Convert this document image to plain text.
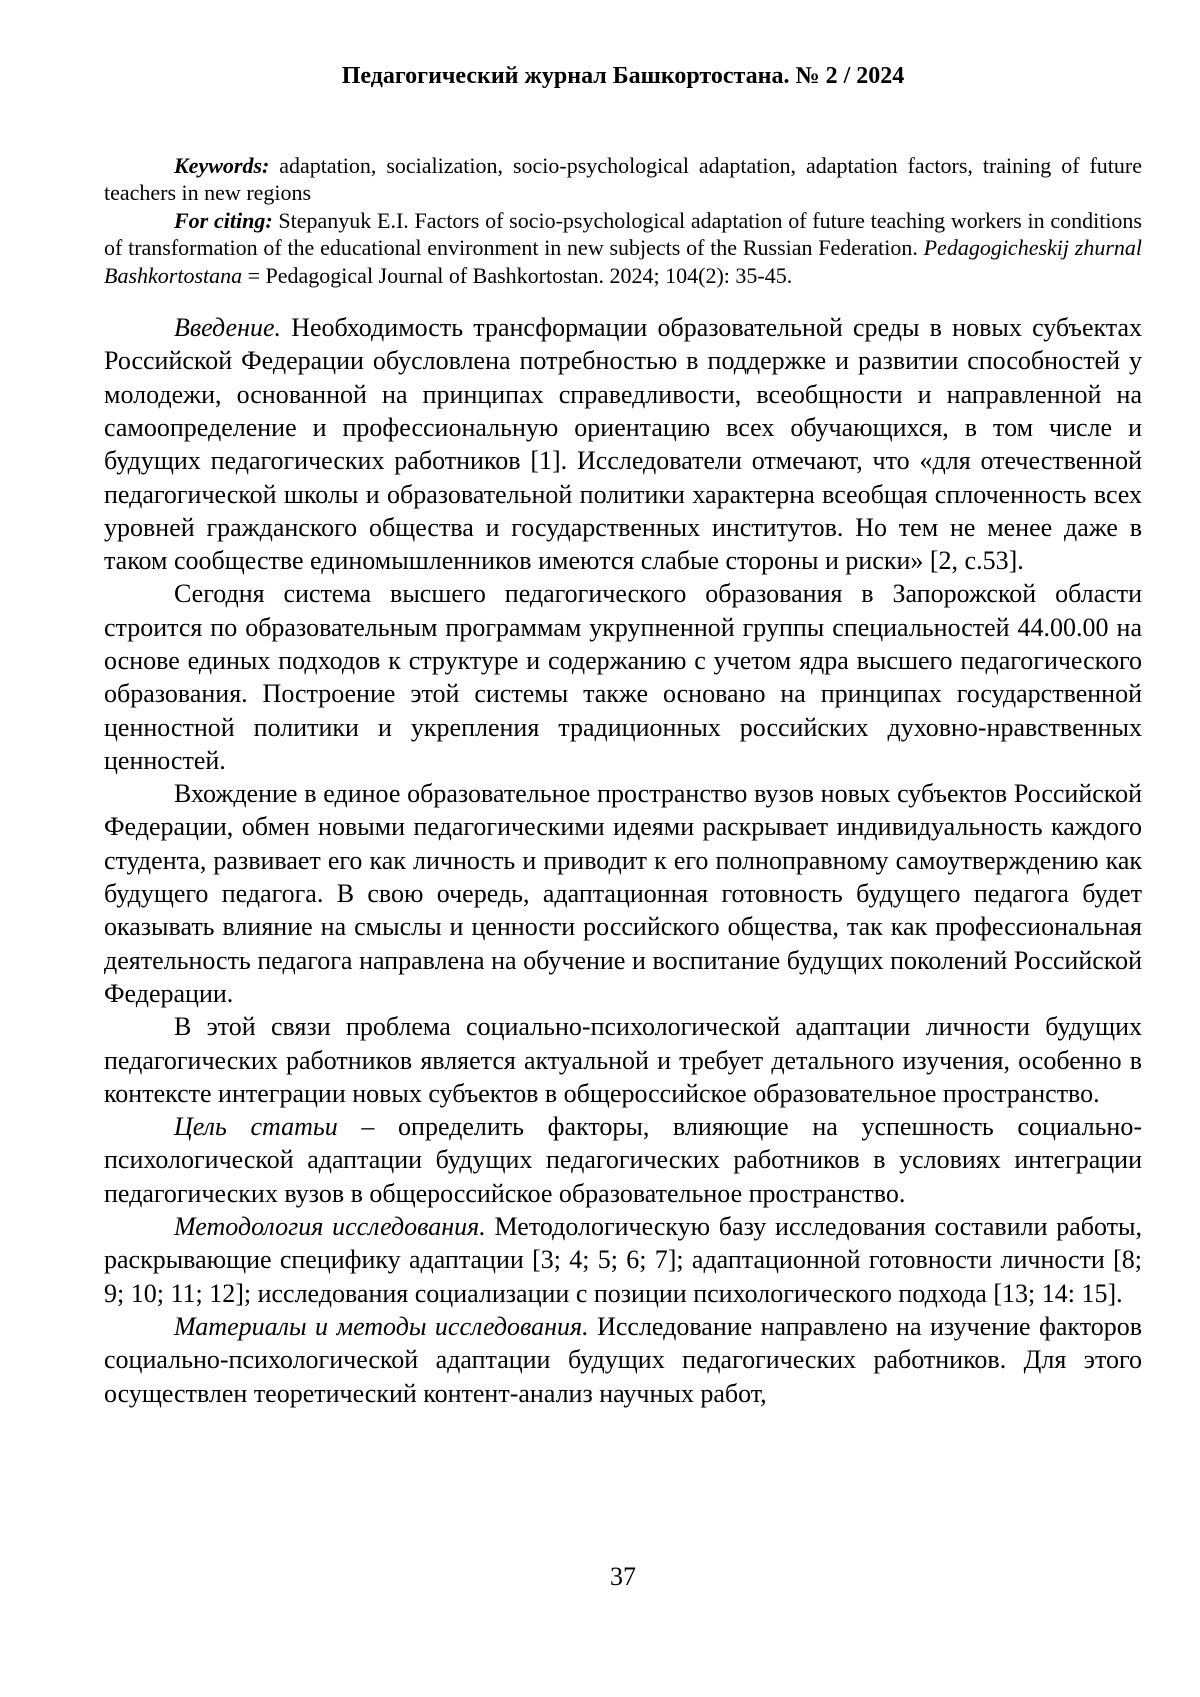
Педагогический журнал Башкортостана. № 2 / 2024

Keywords: adaptation, socialization, socio-psychological adaptation, adaptation factors, training of future teachers in new regions

For citing: Stepanyuk E.I. Factors of socio-psychological adaptation of future teaching workers in conditions of transformation of the educational environment in new subjects of the Russian Federation. Pedagogicheskij zhurnal Bashkortostana = Pedagogical Journal of Bashkortostan. 2024; 104(2): 35-45.

Введение. Необходимость трансформации образовательной среды в новых субъектах Российской Федерации обусловлена потребностью в поддержке и развитии способностей у молодежи, основанной на принципах справедливости, всеобщности и направленной на самоопределение и профессиональную ориентацию всех обучающихся, в том числе и будущих педагогических работников [1]. Исследователи отмечают, что «для отечественной педагогической школы и образовательной политики характерна всеобщая сплоченность всех уровней гражданского общества и государственных институтов. Но тем не менее даже в таком сообществе единомышленников имеются слабые стороны и риски» [2, с.53].

Сегодня система высшего педагогического образования в Запорожской области строится по образовательным программам укрупненной группы специальностей 44.00.00 на основе единых подходов к структуре и содержанию с учетом ядра высшего педагогического образования. Построение этой системы также основано на принципах государственной ценностной политики и укрепления традиционных российских духовно-нравственных ценностей.

Вхождение в единое образовательное пространство вузов новых субъектов Российской Федерации, обмен новыми педагогическими идеями раскрывает индивидуальность каждого студента, развивает его как личность и приводит к его полноправному самоутверждению как будущего педагога. В свою очередь, адаптационная готовность будущего педагога будет оказывать влияние на смыслы и ценности российского общества, так как профессиональная деятельность педагога направлена на обучение и воспитание будущих поколений Российской Федерации.

В этой связи проблема социально-психологической адаптации личности будущих педагогических работников является актуальной и требует детального изучения, особенно в контексте интеграции новых субъектов в общероссийское образовательное пространство.

Цель статьи – определить факторы, влияющие на успешность социально-психологической адаптации будущих педагогических работников в условиях интеграции педагогических вузов в общероссийское образовательное пространство.

Методология исследования. Методологическую базу исследования составили работы, раскрывающие специфику адаптации [3; 4; 5; 6; 7]; адаптационной готовности личности [8; 9; 10; 11; 12]; исследования социализации с позиции психологического подхода [13; 14: 15].

Материалы и методы исследования. Исследование направлено на изучение факторов социально-психологической адаптации будущих педагогических работников. Для этого осуществлен теоретический контент-анализ научных работ,

37
